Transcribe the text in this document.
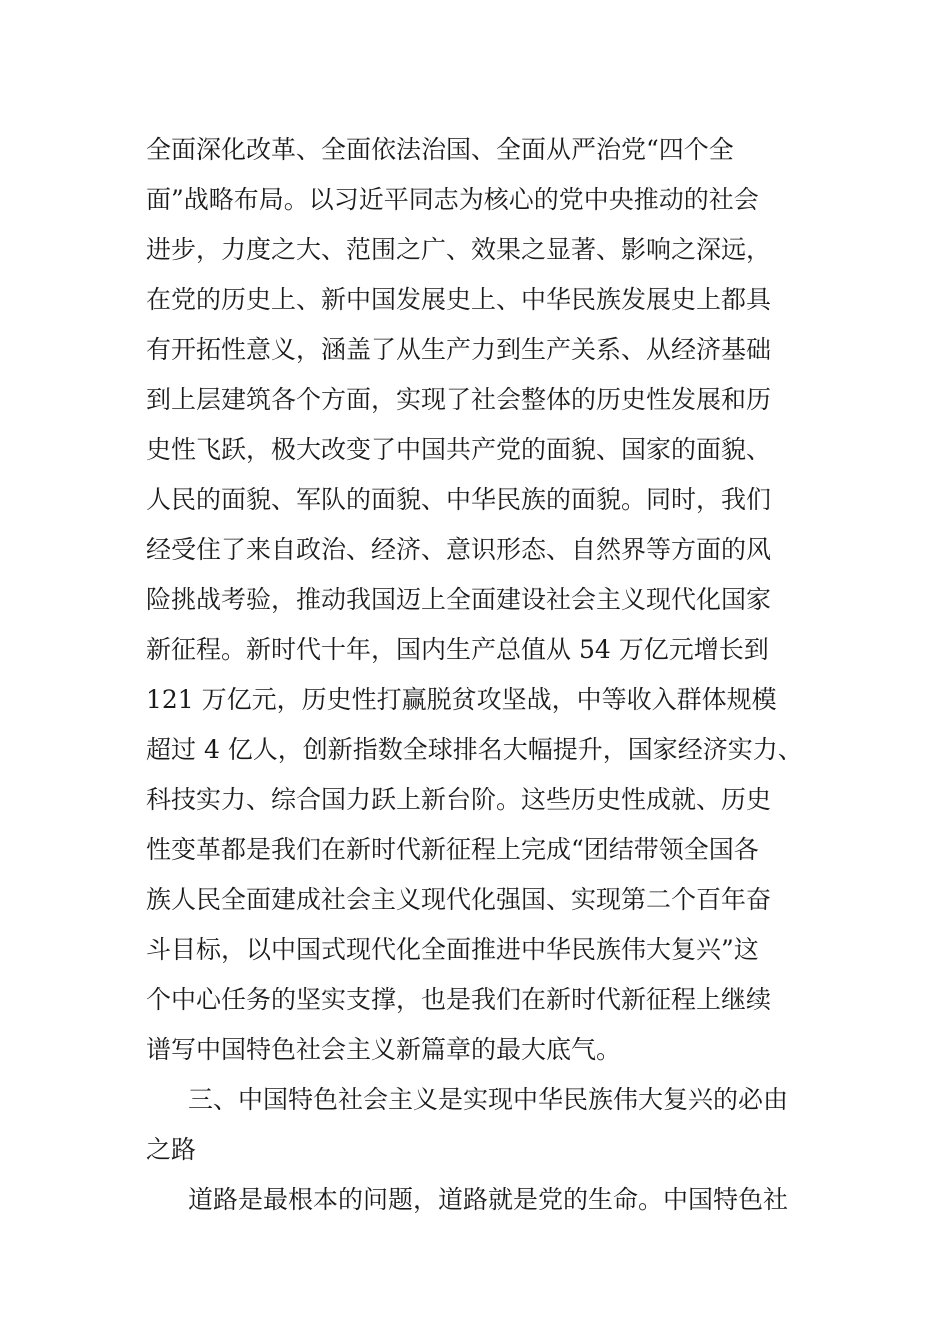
全面深化改革、全面依法治国、全面从严治党“四个全
面”战略布局。以习近平同志为核心的党中央推动的社会
进步，力度之大、范围之广、效果之显著、影响之深远，
在党的历史上、新中国发展史上、中华民族发展史上都具
有开拓性意义，涵盖了从生产力到生产关系、从经济基础
到上层建筑各个方面，实现了社会整体的历史性发展和历
史性飞跃，极大改变了中国共产党的面貌、国家的面貌、
人民的面貌、军队的面貌、中华民族的面貌。同时，我们
经受住了来自政治、经济、意识形态、自然界等方面的风
险挑战考验，推动我国迈上全面建设社会主义现代化国家
新征程。新时代十年，国内生产总值从 54 万亿元增长到
121 万亿元，历史性打赢脱贫攻坚战，中等收入群体规模
超过 4 亿人，创新指数全球排名大幅提升，国家经济实力、
科技实力、综合国力跃上新台阶。这些历史性成就、历史
性变革都是我们在新时代新征程上完成“团结带领全国各
族人民全面建成社会主义现代化强国、实现第二个百年奋
斗目标，以中国式现代化全面推进中华民族伟大复兴”这
个中心任务的坚实支撑，也是我们在新时代新征程上继续
谱写中国特色社会主义新篇章的最大底气。
三、中国特色社会主义是实现中华民族伟大复兴的必由
之路
道路是最根本的问题，道路就是党的生命。中国特色社
